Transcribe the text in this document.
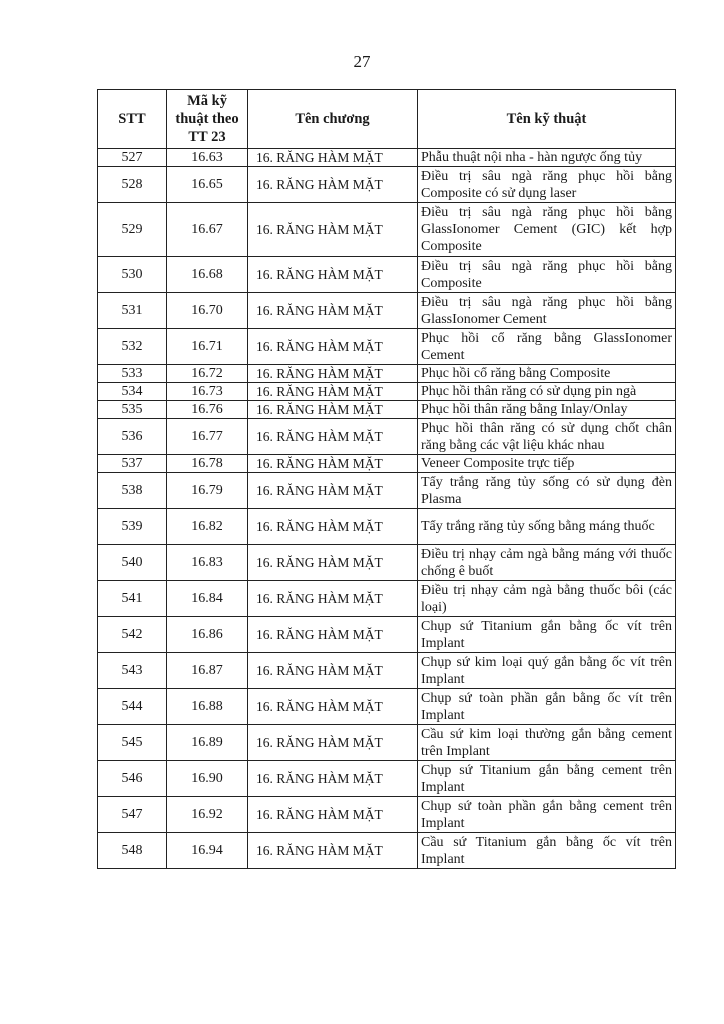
27
STT	Mã kỹ thuật theo TT 23	Tên chương	Tên kỹ thuật
527	16.63	16. RĂNG HÀM MẶT	Phẫu thuật nội nha - hàn ngược ống tủy
528	16.65	16. RĂNG HÀM MẶT	Điều trị sâu ngà răng phục hồi bằng Composite có sử dụng laser
529	16.67	16. RĂNG HÀM MẶT	Điều trị sâu ngà răng phục hồi bằng GlassIonomer Cement (GIC) kết hợp Composite
530	16.68	16. RĂNG HÀM MẶT	Điều trị sâu ngà răng phục hồi bằng Composite
531	16.70	16. RĂNG HÀM MẶT	Điều trị sâu ngà răng phục hồi bằng GlassIonomer Cement
532	16.71	16. RĂNG HÀM MẶT	Phục hồi cổ răng bằng GlassIonomer Cement
533	16.72	16. RĂNG HÀM MẶT	Phục hồi cổ răng bằng Composite
534	16.73	16. RĂNG HÀM MẶT	Phục hồi thân răng có sử dụng pin ngà
535	16.76	16. RĂNG HÀM MẶT	Phục hồi thân răng bằng Inlay/Onlay
536	16.77	16. RĂNG HÀM MẶT	Phục hồi thân răng có sử dụng chốt chân răng bằng các vật liệu khác nhau
537	16.78	16. RĂNG HÀM MẶT	Veneer Composite trực tiếp
538	16.79	16. RĂNG HÀM MẶT	Tẩy trắng răng tủy sống có sử dụng đèn Plasma
539	16.82	16. RĂNG HÀM MẶT	Tẩy trắng răng tủy sống bằng máng thuốc
540	16.83	16. RĂNG HÀM MẶT	Điều trị nhạy cảm ngà bằng máng với thuốc chống ê buốt
541	16.84	16. RĂNG HÀM MẶT	Điều trị nhạy cảm ngà bằng thuốc bôi (các loại)
542	16.86	16. RĂNG HÀM MẶT	Chụp sứ Titanium gắn bằng ốc vít trên Implant
543	16.87	16. RĂNG HÀM MẶT	Chụp sứ kim loại quý gắn bằng ốc vít trên Implant
544	16.88	16. RĂNG HÀM MẶT	Chụp sứ toàn phần gắn bằng ốc vít trên Implant
545	16.89	16. RĂNG HÀM MẶT	Cầu sứ kim loại thường gắn bằng cement trên Implant
546	16.90	16. RĂNG HÀM MẶT	Chụp sứ Titanium gắn bằng cement trên Implant
547	16.92	16. RĂNG HÀM MẶT	Chụp sứ toàn phần gắn bằng cement trên Implant
548	16.94	16. RĂNG HÀM MẶT	Cầu sứ Titanium gắn bằng ốc vít trên Implant
